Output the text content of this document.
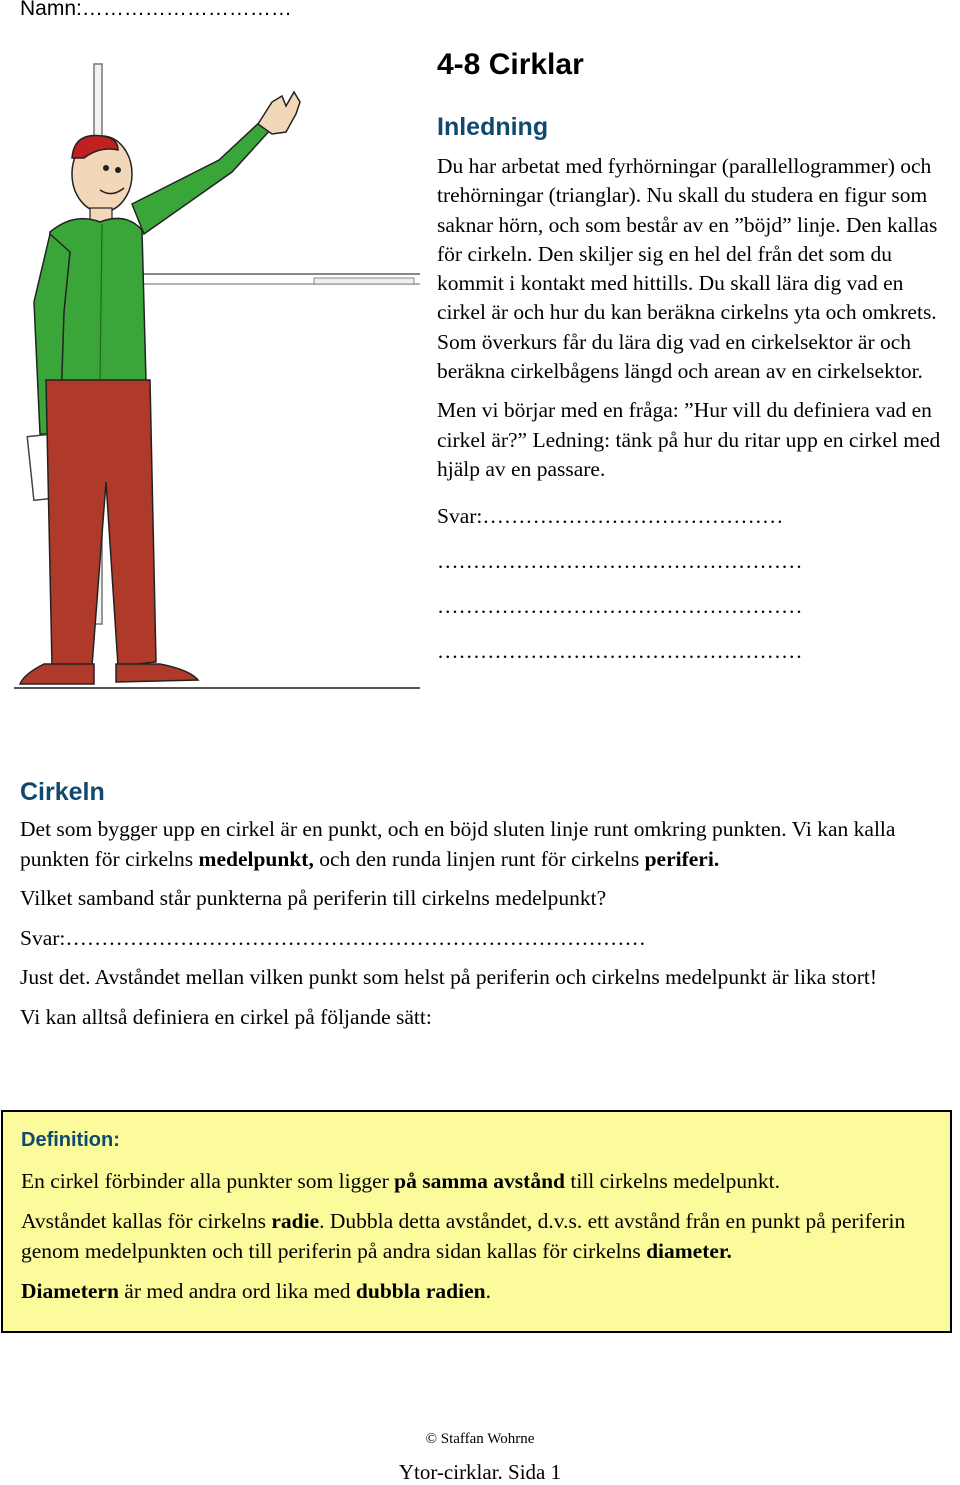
Namn:…………………………
4-8 Cirklar
Inledning

Du har arbetat med fyrhörningar (parallellogrammer) och trehörningar (trianglar). Nu skall du studera en figur som saknar hörn, och som består av en ”böjd” linje. Den kallas för cirkeln. Den skiljer sig en hel del från det som du kommit i kontakt med hittills. Du skall lära dig vad en cirkel är och hur du kan beräkna cirkelns yta och omkrets. Som överkurs får du lära dig vad en cirkelsektor är och beräkna cirkelbågens längd och arean av en cirkelsektor.

Men vi börjar med en fråga: ”Hur vill du definiera vad en cirkel är?” Ledning: tänk på hur du ritar upp en cirkel med hjälp av en passare.

Svar:……………………………………

……………………………………………

……………………………………………

……………………………………………

Cirkeln

Det som bygger upp en cirkel är en punkt, och en böjd sluten linje runt omkring punkten. Vi kan kalla punkten för cirkelns medelpunkt, och den runda linjen runt för cirkelns periferi.

Vilket samband står punkterna på periferin till cirkelns medelpunkt?

Svar:………………………………………………………………………

Just det. Avståndet mellan vilken punkt som helst på periferin och cirkelns medelpunkt är lika stort!

Vi kan alltså definiera en cirkel på följande sätt:

Definition:

En cirkel förbinder alla punkter som ligger på samma avstånd till cirkelns medelpunkt.

Avståndet kallas för cirkelns radie. Dubbla detta avståndet, d.v.s. ett avstånd från en punkt på periferin genom medelpunkten och till periferin på andra sidan kallas för cirkelns diameter.

Diametern är med andra ord lika med dubbla radien.

© Staffan Wohrne
Ytor-cirklar. Sida 1
